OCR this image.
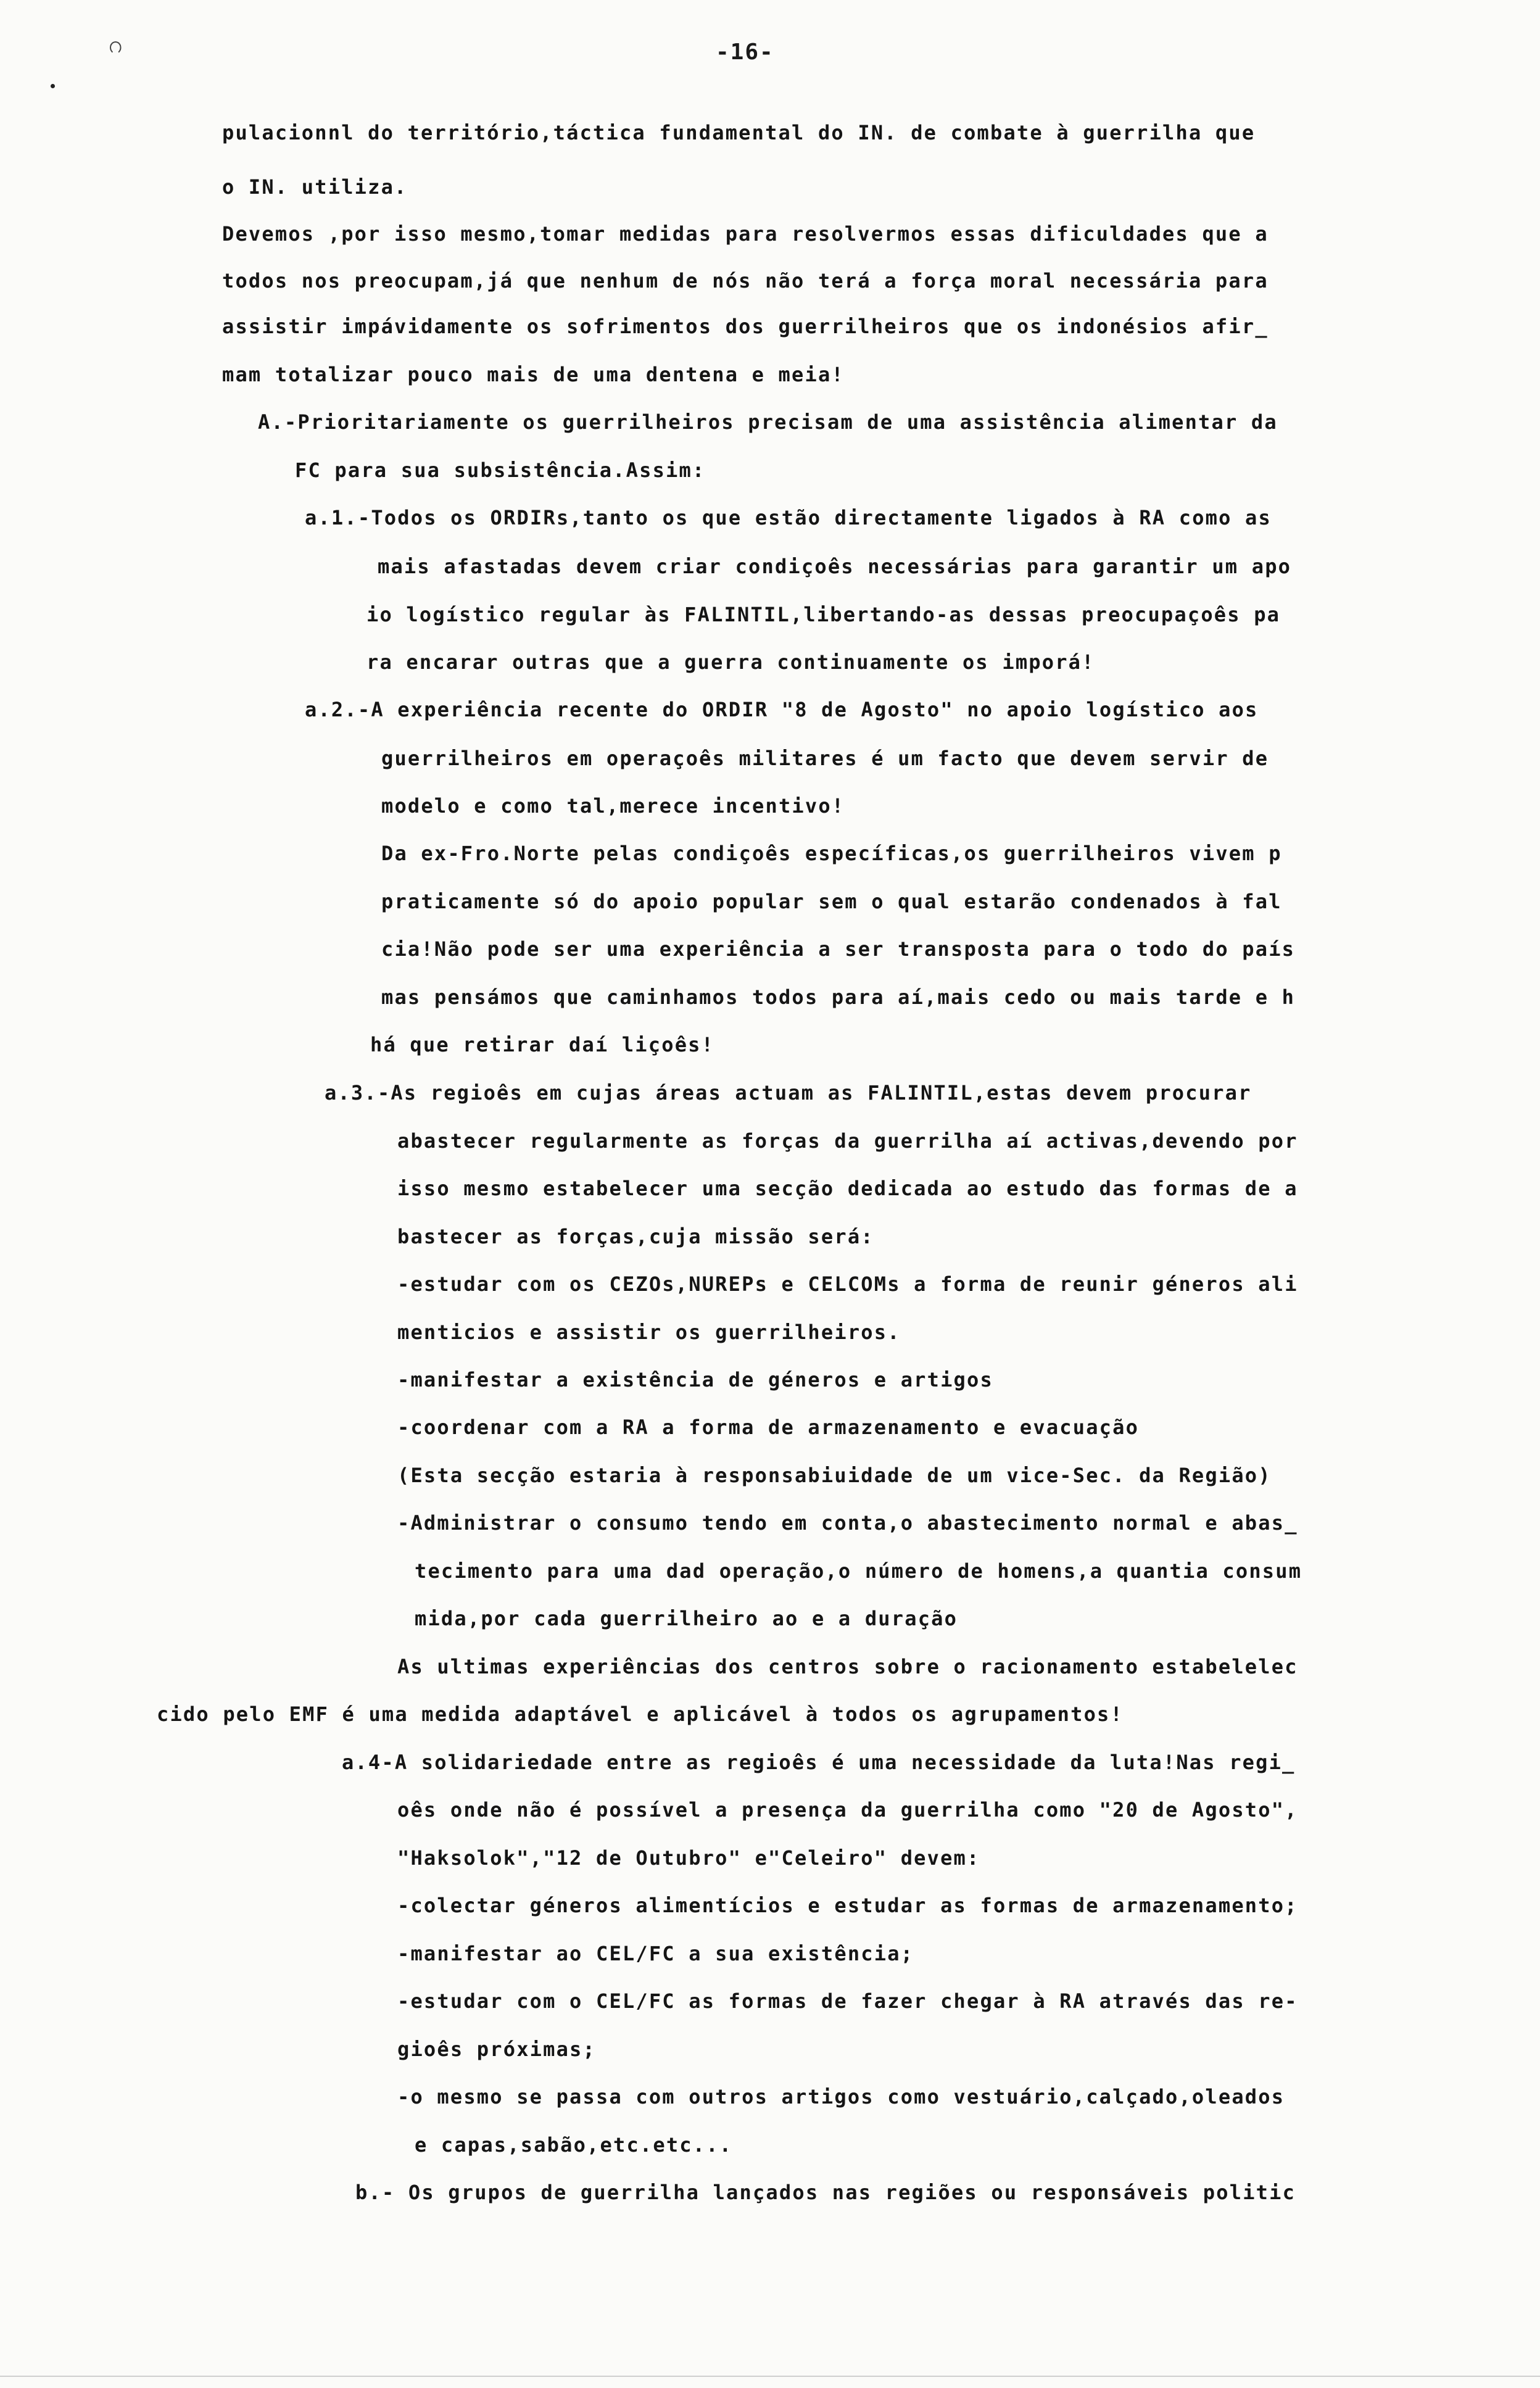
ဂ	-16-
pulacionnl do território,táctica fundamental do IN. de combate à guerrilha que
o IN. utiliza.
Devemos ,por isso mesmo,tomar medidas para resolvermos essas dificuldades que a
todos nos preocupam,já que nenhum de nós não terá a força moral necessária para
assistir impávidamente os sofrimentos dos guerrilheiros que os indonésios afir_
mam totalizar pouco mais de uma dentena e meia!
A.-Prioritariamente os guerrilheiros precisam de uma assistência alimentar da
FC para sua subsistência.Assim:
a.1.-Todos os ORDIRs,tanto os que estão directamente ligados à RA como as
mais afastadas devem criar condiçoês necessárias para garantir um apo
io logístico regular às FALINTIL,libertando-as dessas preocupaçoês pa
ra encarar outras que a guerra continuamente os imporá!
a.2.-A experiência recente do ORDIR "8 de Agosto" no apoio logístico aos
guerrilheiros em operaçoês militares é um facto que devem servir de
modelo e como tal,merece incentivo!
Da ex-Fro.Norte pelas condiçoês específicas,os guerrilheiros vivem p
praticamente só do apoio popular sem o qual estarão condenados à fal
cia!Não pode ser uma experiência a ser transposta para o todo do país
mas pensámos que caminhamos todos para aí,mais cedo ou mais tarde e h
há que retirar daí liçoês!
a.3.-As regioês em cujas áreas actuam as FALINTIL,estas devem procurar
abastecer regularmente as forças da guerrilha aí activas,devendo por
isso mesmo estabelecer uma secção dedicada ao estudo das formas de a
bastecer as forças,cuja missão será:
-estudar com os CEZOs,NUREPs e CELCOMs a forma de reunir géneros ali
menticios e assistir os guerrilheiros.
-manifestar a existência de géneros e artigos
-coordenar com a RA a forma de armazenamento e evacuação
(Esta secção estaria à responsabiuidade de um vice-Sec. da Região)
-Administrar o consumo tendo em conta,o abastecimento normal e abas_
tecimento para uma dad operação,o número de homens,a quantia consum
mida,por cada guerrilheiro ao e a duração
As ultimas experiências dos centros sobre o racionamento estabelelec
cido pelo EMF é uma medida adaptável e aplicável à todos os agrupamentos!
a.4-A solidariedade entre as regioês é uma necessidade da luta!Nas regi_
oês onde não é possível a presença da guerrilha como "20 de Agosto",
"Haksolok","12 de Outubro" e"Celeiro" devem:
-colectar géneros alimentícios e estudar as formas de armazenamento;
-manifestar ao CEL/FC a sua existência;
-estudar com o CEL/FC as formas de fazer chegar à RA através das re-
gioês próximas;
-o mesmo se passa com outros artigos como vestuário,calçado,oleados
e capas,sabão,etc.etc...
b.- Os grupos de guerrilha lançados nas regiões ou responsáveis politic
